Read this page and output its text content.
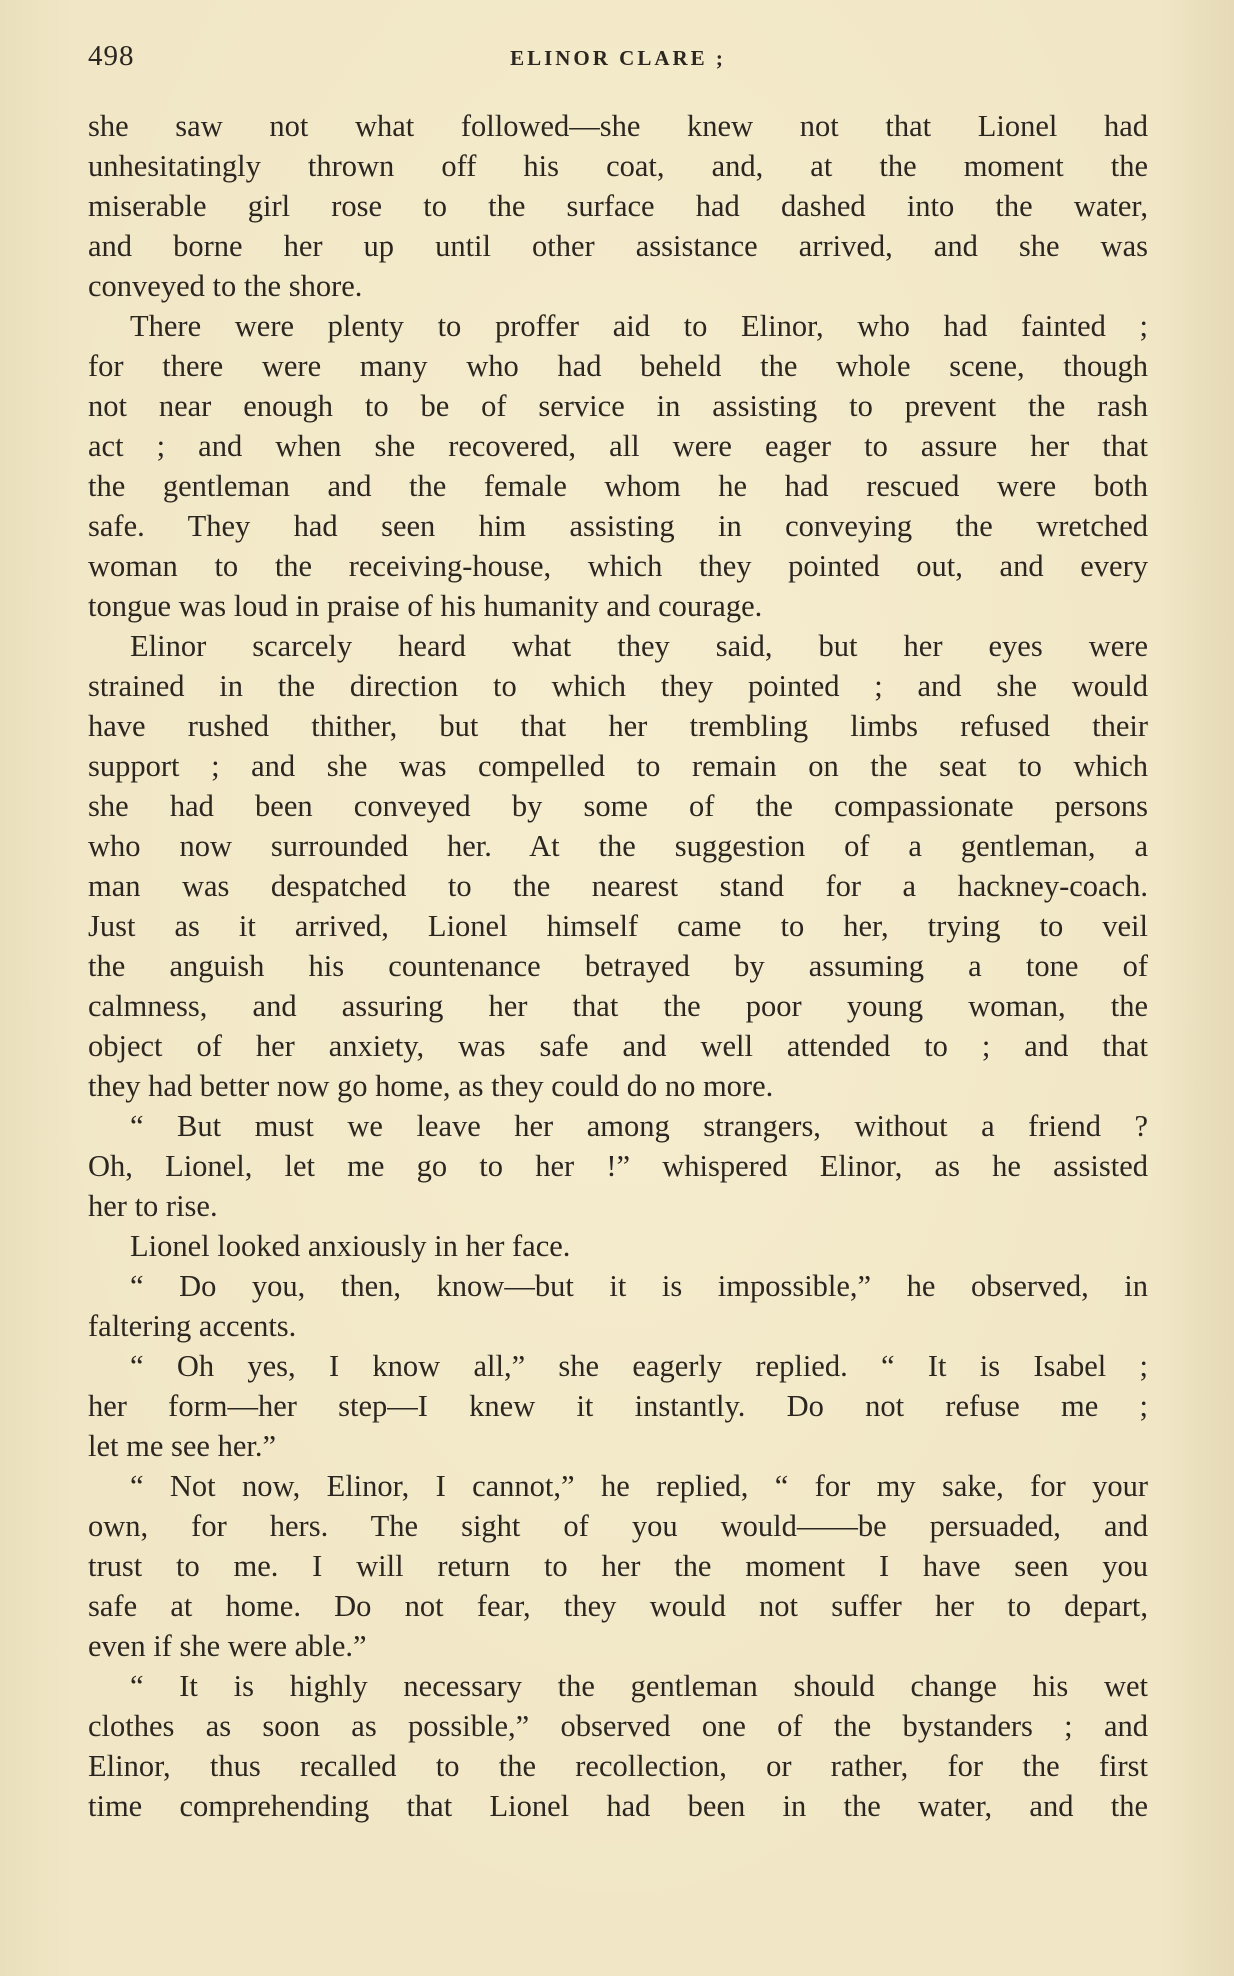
498	ELINOR CLARE ;
she saw not what followed—she knew not that Lionel had
unhesitatingly thrown off his coat, and, at the moment the
miserable girl rose to the surface had dashed into the water,
and borne her up until other assistance arrived, and she was
conveyed to the shore.
There were plenty to proffer aid to Elinor, who had fainted ;
for there were many who had beheld the whole scene, though
not near enough to be of service in assisting to prevent the rash
act ; and when she recovered, all were eager to assure her that
the gentleman and the female whom he had rescued were both
safe. They had seen him assisting in conveying the wretched
woman to the receiving-house, which they pointed out, and every
tongue was loud in praise of his humanity and courage.
Elinor scarcely heard what they said, but her eyes were
strained in the direction to which they pointed ; and she would
have rushed thither, but that her trembling limbs refused their
support ; and she was compelled to remain on the seat to which
she had been conveyed by some of the compassionate persons
who now surrounded her. At the suggestion of a gentleman, a
man was despatched to the nearest stand for a hackney-coach.
Just as it arrived, Lionel himself came to her, trying to veil
the anguish his countenance betrayed by assuming a tone of
calmness, and assuring her that the poor young woman, the
object of her anxiety, was safe and well attended to ; and that
they had better now go home, as they could do no more.
“ But must we leave her among strangers, without a friend ?
Oh, Lionel, let me go to her !” whispered Elinor, as he assisted
her to rise.
Lionel looked anxiously in her face.
“ Do you, then, know—but it is impossible,” he observed, in
faltering accents.
“ Oh yes, I know all,” she eagerly replied. “ It is Isabel ;
her form—her step—I knew it instantly. Do not refuse me ;
let me see her.”
“ Not now, Elinor, I cannot,” he replied, “ for my sake, for your
own, for hers. The sight of you would——be persuaded, and
trust to me. I will return to her the moment I have seen you
safe at home. Do not fear, they would not suffer her to depart,
even if she were able.”
“ It is highly necessary the gentleman should change his wet
clothes as soon as possible,” observed one of the bystanders ; and
Elinor, thus recalled to the recollection, or rather, for the first
time comprehending that Lionel had been in the water, and the
